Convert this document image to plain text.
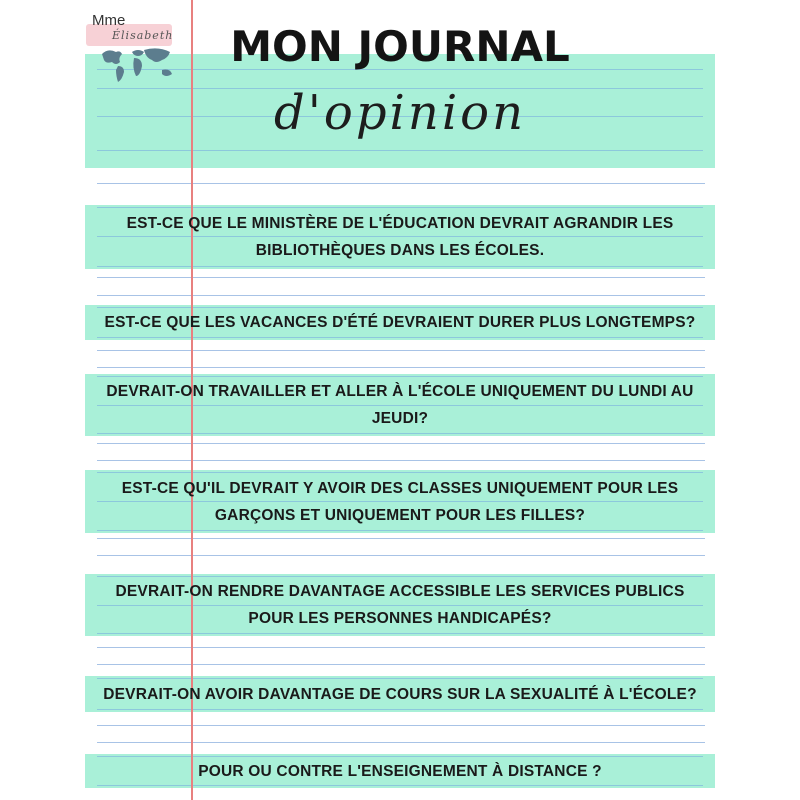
Mme
Élisabeth	MON JOURNAL
d'opinion
EST-CE QUE LE MINISTÈRE DE L'ÉDUCATION DEVRAIT AGRANDIR LES BIBLIOTHÈQUES DANS LES ÉCOLES.
EST-CE QUE LES VACANCES D'ÉTÉ DEVRAIENT DURER PLUS LONGTEMPS?
DEVRAIT-ON TRAVAILLER ET ALLER À L'ÉCOLE UNIQUEMENT DU LUNDI AU JEUDI?
EST-CE QU'IL DEVRAIT Y AVOIR DES CLASSES UNIQUEMENT POUR LES GARÇONS ET UNIQUEMENT POUR LES FILLES?
DEVRAIT-ON RENDRE DAVANTAGE ACCESSIBLE LES SERVICES PUBLICS POUR LES PERSONNES HANDICAPÉS?
DEVRAIT-ON AVOIR DAVANTAGE DE COURS SUR LA SEXUALITÉ À L'ÉCOLE?
POUR OU CONTRE L'ENSEIGNEMENT À DISTANCE ?
